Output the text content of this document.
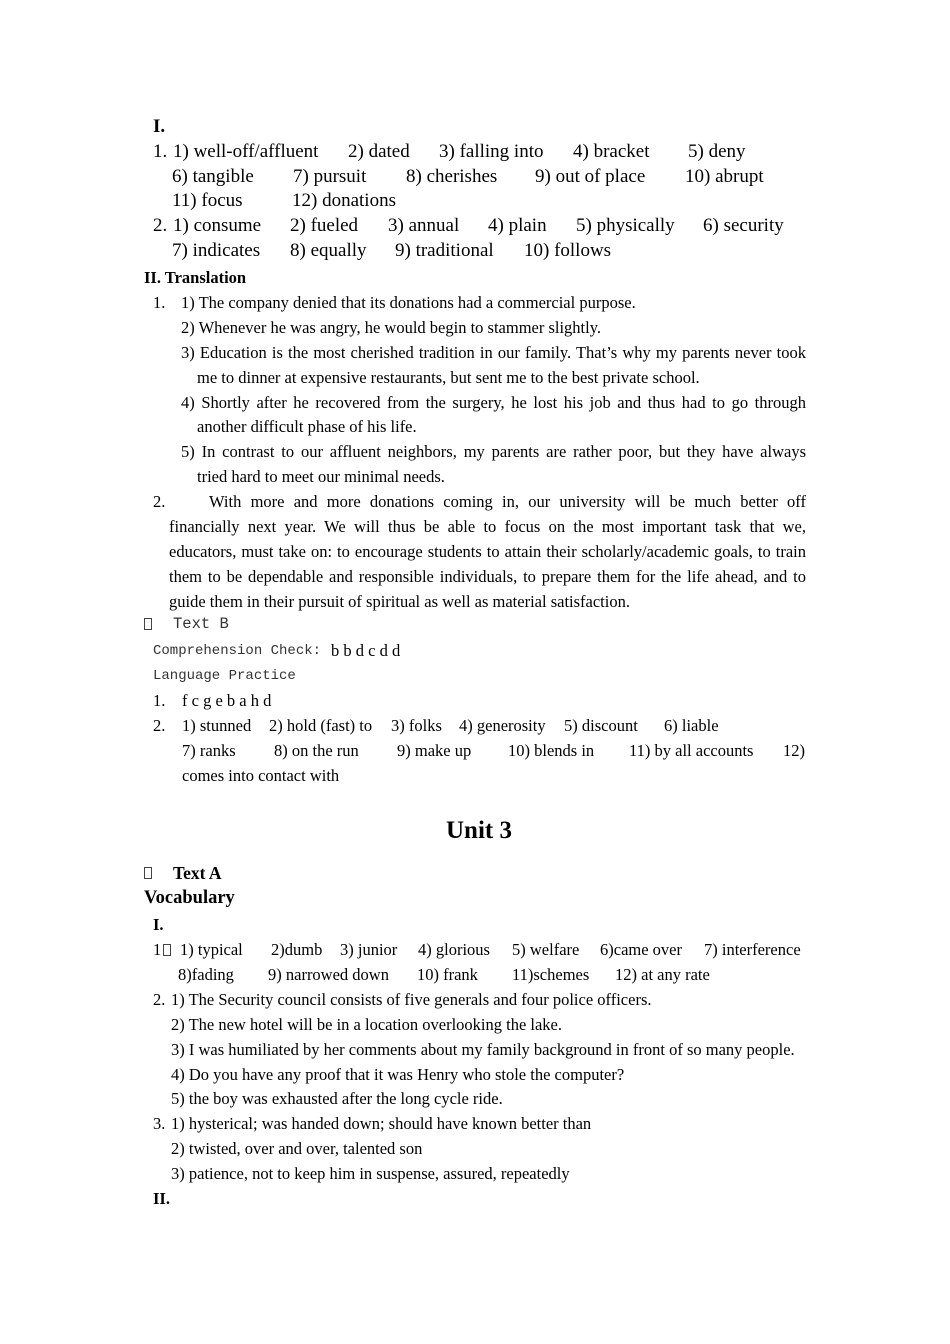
I.
1. 1) well-off/affluent 2) dated 3) falling into 4) bracket 5) deny
6) tangible 7) pursuit 8) cherishes 9) out of place 10) abrupt
11) focus	12) donations
2. 1) consume 2) fueled 3) annual 4) plain 5) physically 6) security
7) indicates 8) equally 9) traditional 10) follows
II. Translation
1. 1) The company denied that its donations had a commercial purpose.
2) Whenever he was angry, he would begin to stammer slightly.
3) Education is the most cherished tradition in our family. That’s why my parents never took
me to dinner at expensive restaurants, but sent me to the best private school.
4) Shortly after he recovered from the surgery, he lost his job and thus had to go through
another difficult phase of his life.
5) In contrast to our affluent neighbors, my parents are rather poor, but they have always
tried hard to meet our minimal needs.
2.	With more and more donations coming in, our university will be much better off
financially next year. We will thus be able to focus on the most important task that we,
educators, must take on: to encourage students to attain their scholarly/academic goals, to train
them to be dependable and responsible individuals, to prepare them for the life ahead, and to
guide them in their pursuit of spiritual as well as material satisfaction.
Text B
Comprehension Check: b b d c d d
Language Practice
1. f c g e b a h d
2. 1) stunned 2) hold (fast) to 3) folks 4) generosity 5) discount 6) liable
7) ranks 8) on the run 9) make up 10) blends in 11) by all accounts 12)
comes into contact with
Unit 3
Text A
Vocabulary
I.
1 1) typical 2)dumb 3) junior 4) glorious 5) welfare 6)came over 7) interference
8)fading 9) narrowed down 10) frank 11)schemes 12) at any rate
2. 1) The Security council consists of five generals and four police officers.
2) The new hotel will be in a location overlooking the lake.
3) I was humiliated by her comments about my family background in front of so many people.
4) Do you have any proof that it was Henry who stole the computer?
5) the boy was exhausted after the long cycle ride.
3. 1) hysterical; was handed down; should have known better than
2) twisted, over and over, talented son
3) patience, not to keep him in suspense, assured, repeatedly
II.
